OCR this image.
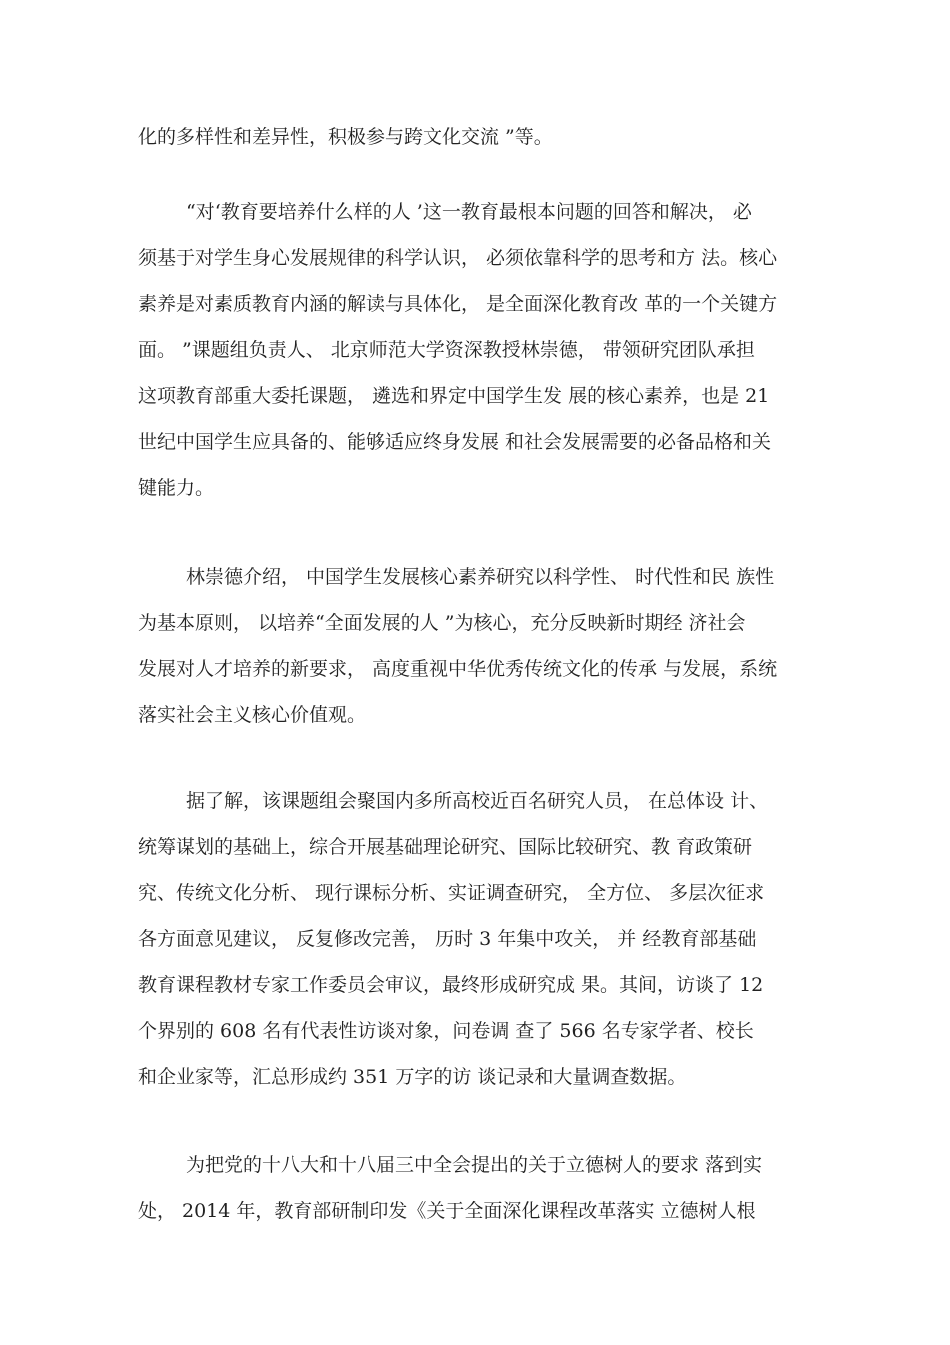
化的多样性和差异性，积极参与跨文化交流 ”等。
“对‘教育要培养什么样的人 ’这一教育最根本问题的回答和解决， 必
须基于对学生身心发展规律的科学认识， 必须依靠科学的思考和方 法。核心
素养是对素质教育内涵的解读与具体化， 是全面深化教育改 革的一个关键方
面。 ”课题组负责人、 北京师范大学资深教授林崇德， 带领研究团队承担
这项教育部重大委托课题， 遴选和界定中国学生发 展的核心素养，也是 21
世纪中国学生应具备的、能够适应终身发展 和社会发展需要的必备品格和关
键能力。
林崇德介绍， 中国学生发展核心素养研究以科学性、 时代性和民 族性
为基本原则， 以培养“全面发展的人 ”为核心，充分反映新时期经 济社会
发展对人才培养的新要求， 高度重视中华优秀传统文化的传承 与发展，系统
落实社会主义核心价值观。
据了解，该课题组会聚国内多所高校近百名研究人员， 在总体设 计、
统筹谋划的基础上，综合开展基础理论研究、国际比较研究、教 育政策研
究、传统文化分析、 现行课标分析、实证调查研究， 全方位、 多层次征求
各方面意见建议， 反复修改完善， 历时 3 年集中攻关， 并 经教育部基础
教育课程教材专家工作委员会审议，最终形成研究成 果。其间，访谈了 12
个界别的 608 名有代表性访谈对象，问卷调 查了 566 名专家学者、校长
和企业家等，汇总形成约 351 万字的访 谈记录和大量调查数据。
为把党的十八大和十八届三中全会提出的关于立德树人的要求 落到实
处， 2014 年，教育部研制印发《关于全面深化课程改革落实 立德树人根
